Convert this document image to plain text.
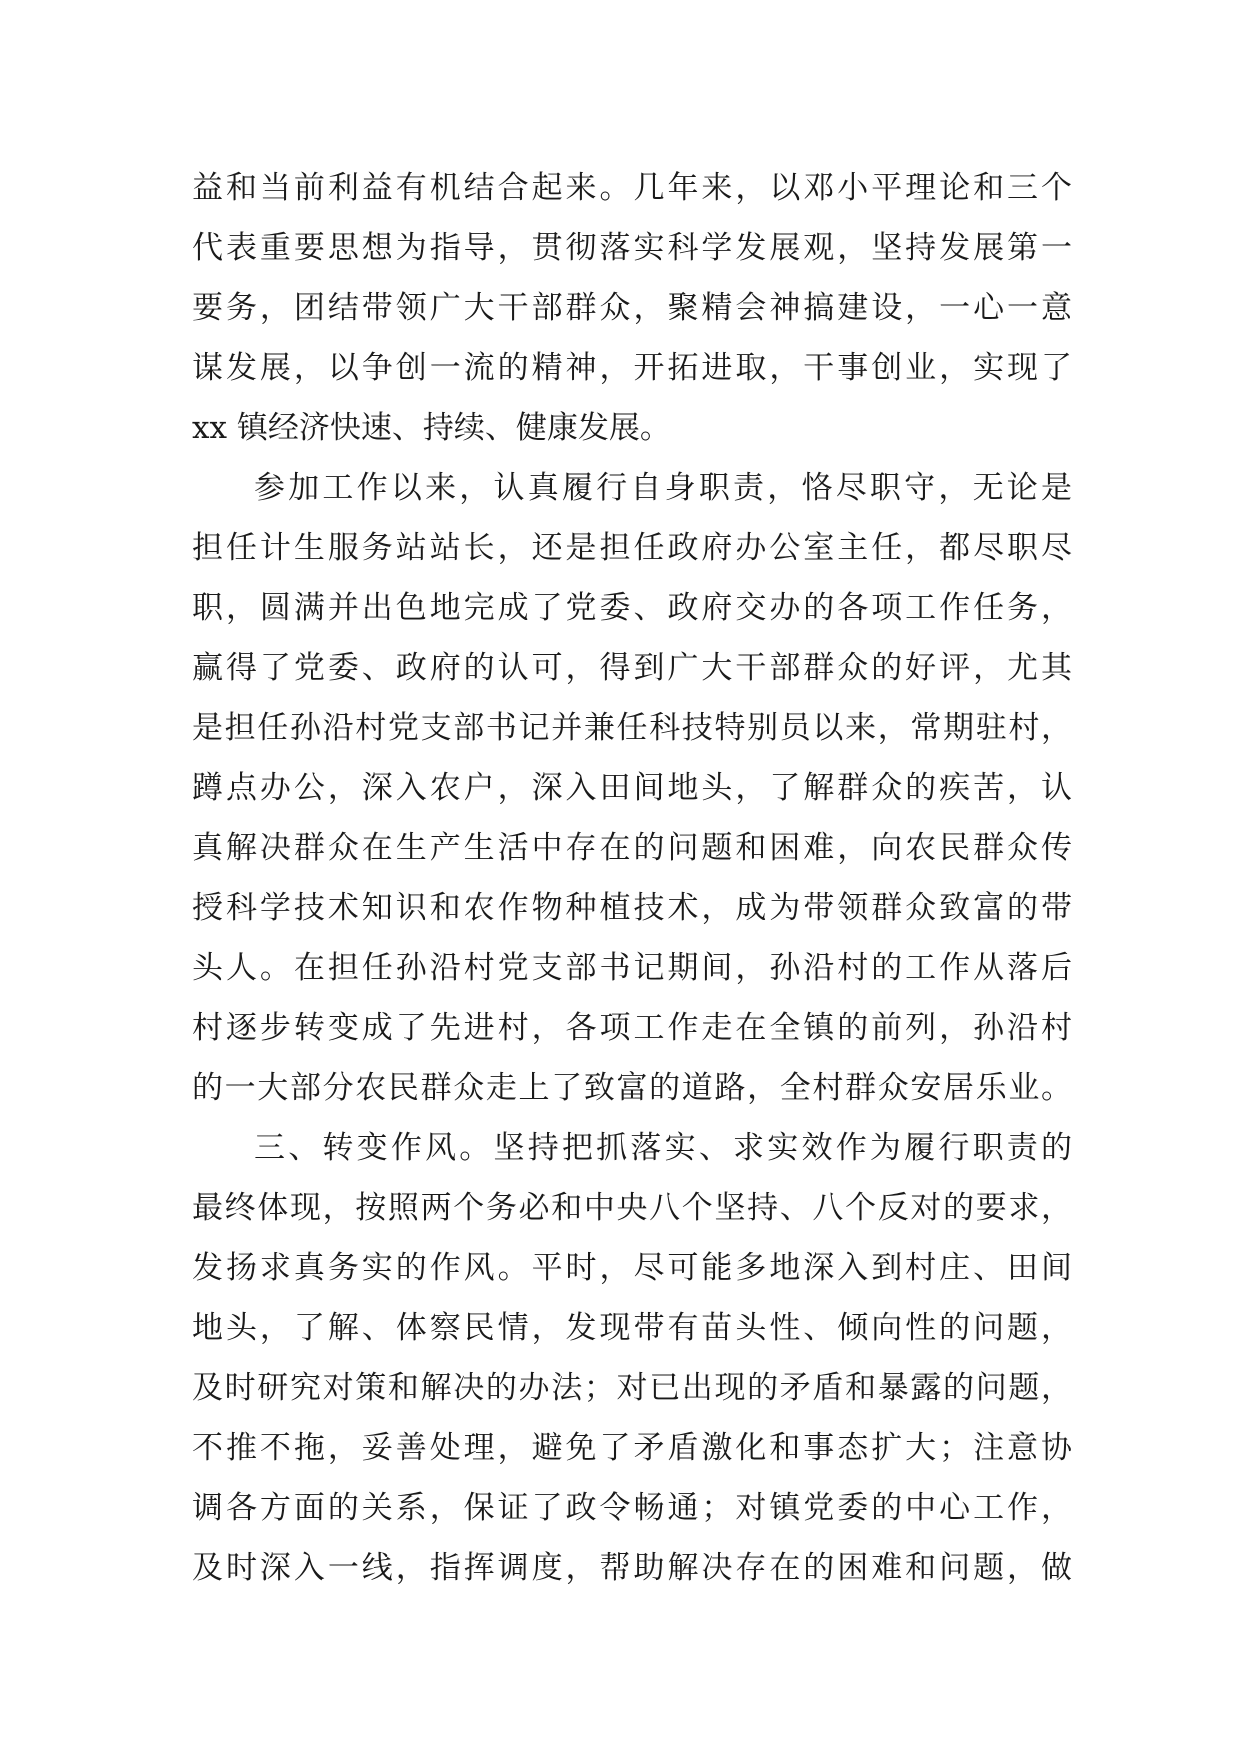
益和当前利益有机结合起来。几年来，以邓小平理论和三个
代表重要思想为指导，贯彻落实科学发展观，坚持发展第一
要务，团结带领广大干部群众，聚精会神搞建设，一心一意
谋发展，以争创一流的精神，开拓进取，干事创业，实现了
xx 镇经济快速、持续、健康发展。
参加工作以来，认真履行自身职责，恪尽职守，无论是
担任计生服务站站长，还是担任政府办公室主任，都尽职尽
职，圆满并出色地完成了党委、政府交办的各项工作任务，
赢得了党委、政府的认可，得到广大干部群众的好评，尤其
是担任孙沿村党支部书记并兼任科技特别员以来，常期驻村，
蹲点办公，深入农户，深入田间地头，了解群众的疾苦，认
真解决群众在生产生活中存在的问题和困难，向农民群众传
授科学技术知识和农作物种植技术，成为带领群众致富的带
头人。在担任孙沿村党支部书记期间，孙沿村的工作从落后
村逐步转变成了先进村，各项工作走在全镇的前列，孙沿村
的一大部分农民群众走上了致富的道路，全村群众安居乐业。
三、转变作风。坚持把抓落实、求实效作为履行职责的
最终体现，按照两个务必和中央八个坚持、八个反对的要求，
发扬求真务实的作风。平时，尽可能多地深入到村庄、田间
地头，了解、体察民情，发现带有苗头性、倾向性的问题，
及时研究对策和解决的办法；对已出现的矛盾和暴露的问题，
不推不拖，妥善处理，避免了矛盾激化和事态扩大；注意协
调各方面的关系，保证了政令畅通；对镇党委的中心工作，
及时深入一线，指挥调度，帮助解决存在的困难和问题，做
